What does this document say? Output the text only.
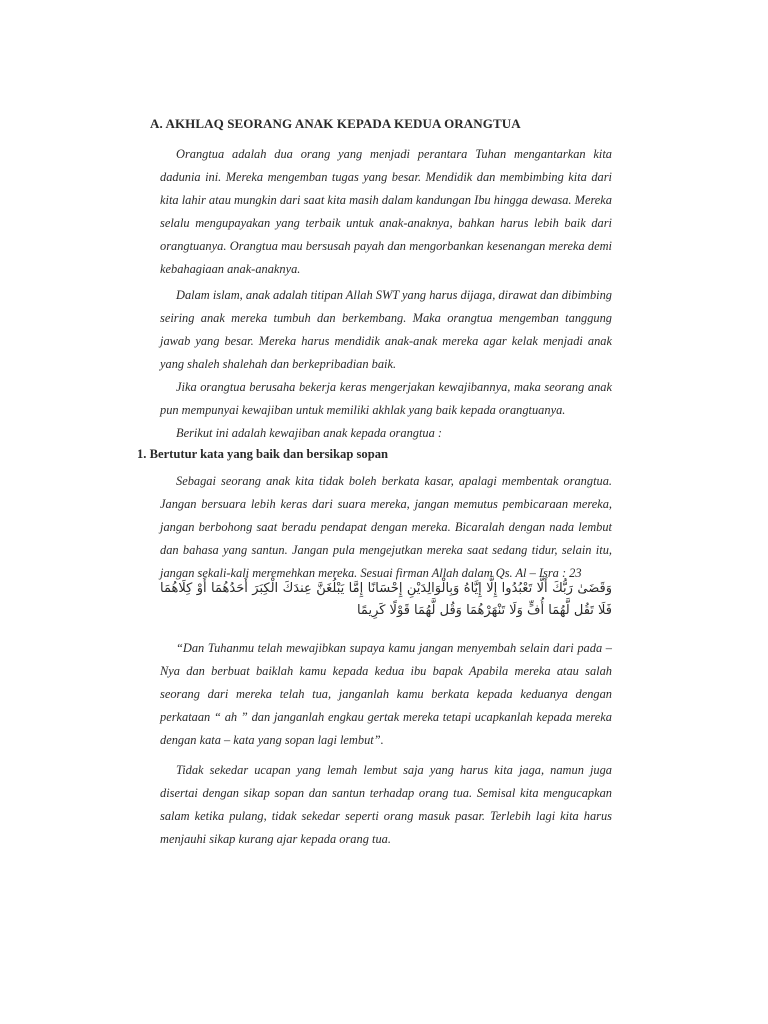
A. AKHLAQ SEORANG ANAK KEPADA KEDUA ORANGTUA

Orangtua adalah dua orang yang menjadi perantara Tuhan mengantarkan kita dadunia ini. Mereka mengemban tugas yang besar. Mendidik dan membimbing kita dari kita lahir atau mungkin dari saat kita masih dalam kandungan Ibu hingga dewasa. Mereka selalu mengupayakan yang terbaik untuk anak-anaknya, bahkan harus lebih baik dari orangtuanya. Orangtua mau bersusah payah dan mengorbankan kesenangan mereka demi kebahagiaan anak-anaknya.

Dalam islam, anak adalah titipan Allah SWT yang harus dijaga, dirawat dan dibimbing seiring anak mereka tumbuh dan berkembang. Maka orangtua mengemban tanggung jawab yang besar. Mereka harus mendidik anak-anak mereka agar kelak menjadi anak yang shaleh shalehah dan berkepribadian baik.

Jika orangtua berusaha bekerja keras mengerjakan kewajibannya, maka seorang anak pun mempunyai kewajiban untuk memiliki akhlak yang baik kepada orangtuanya.

Berikut ini adalah kewajiban anak kepada orangtua :

1. Bertutur kata yang baik dan bersikap sopan

Sebagai seorang anak kita tidak boleh berkata kasar, apalagi membentak orangtua. Jangan bersuara lebih keras dari suara mereka, jangan memutus pembicaraan mereka, jangan berbohong saat beradu pendapat dengan mereka. Bicaralah dengan nada lembut dan bahasa yang santun. Jangan pula mengejutkan mereka saat sedang tidur, selain itu, jangan sekali-kali meremehkan mereka. Sesuai firman Allah dalam Qs. Al – Isra : 23

وَقَضَىٰ رَبُّكَ أَلَّا تَعْبُدُوا إِلَّا إِيَّاهُ وَبِالْوَالِدَيْنِ إِحْسَانًا إِمَّا يَبْلُغَنَّ عِندَكَ الْكِبَرَ أَحَدُهُمَا أَوْ كِلَاهُمَا فَلَا تَقُل لَّهُمَا أُفٍّ وَلَا تَنْهَرْهُمَا وَقُل لَّهُمَا قَوْلًا كَرِيمًا

“Dan Tuhanmu telah mewajibkan supaya kamu jangan menyembah selain dari pada –Nya dan berbuat baiklah kamu kepada kedua ibu bapak Apabila mereka atau salah seorang dari mereka telah tua, janganlah kamu berkata kepada keduanya dengan perkataan “ ah ” dan janganlah engkau gertak mereka tetapi ucapkanlah kepada mereka dengan kata – kata yang sopan lagi lembut”.

Tidak sekedar ucapan yang lemah lembut saja yang harus kita jaga, namun juga disertai dengan sikap sopan dan santun terhadap orang tua. Semisal kita mengucapkan salam ketika pulang, tidak sekedar seperti orang masuk pasar. Terlebih lagi kita harus menjauhi sikap kurang ajar kepada orang tua.
